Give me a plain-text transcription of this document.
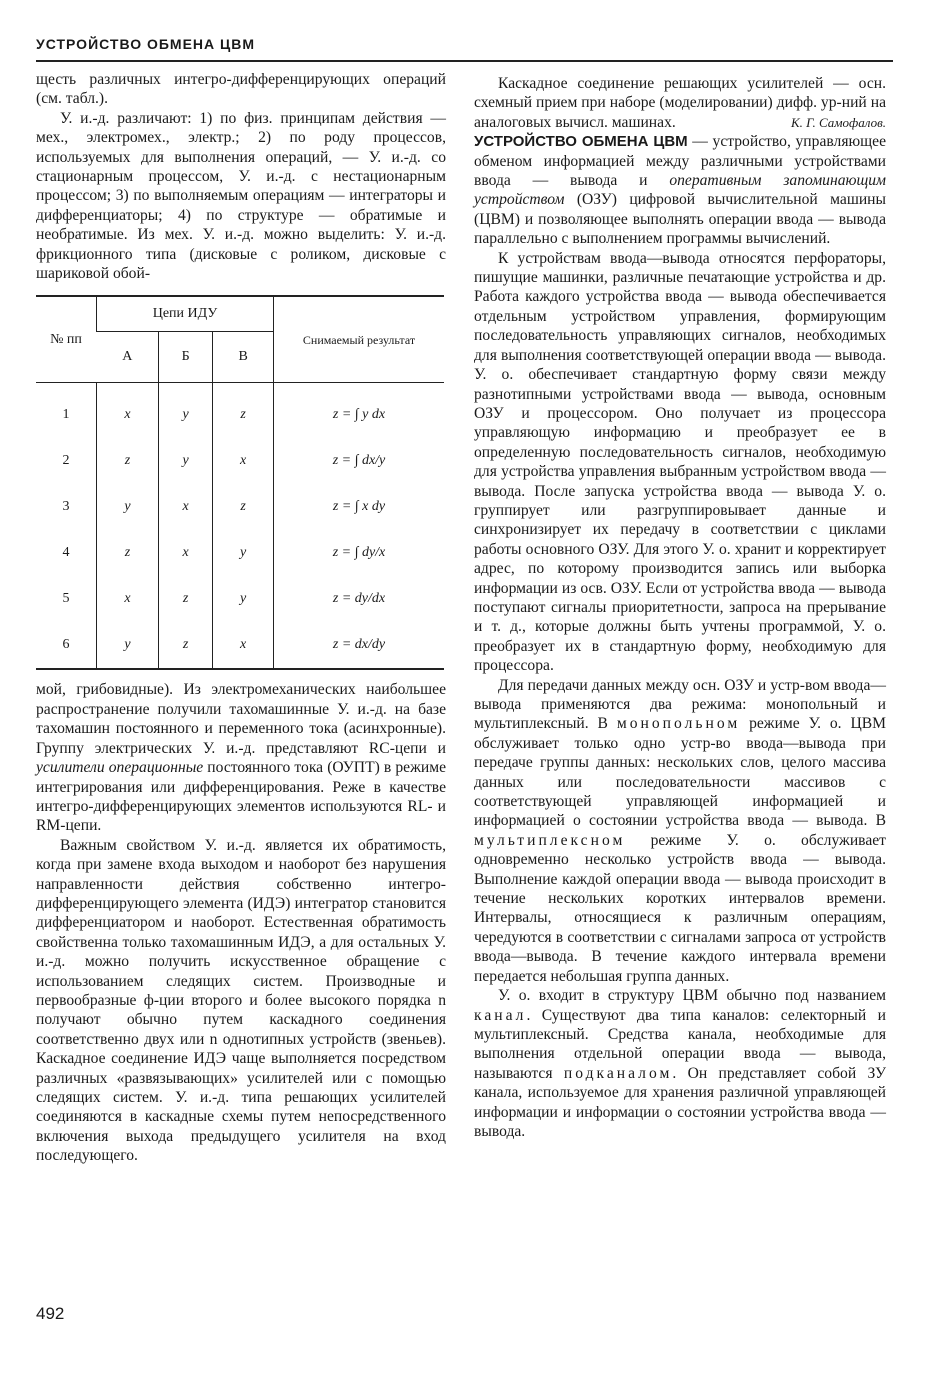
УСТРОЙСТВО ОБМЕНА ЦВМ

щесть различных интегро-дифференцирующих операций (см. табл.).

У. и.-д. различают: 1) по физ. принципам действия — мех., электромех., электр.; 2) по роду процессов, используемых для выполнения операций, — У. и.-д. со стационарным процессом, У. и.-д. с нестационарным процессом; 3) по выполняемым операциям — интеграторы и дифференциаторы; 4) по структуре — обратимые и необратимые. Из мех. У. и.-д. можно выделить: У. и.-д. фрикционного типа (дисковые с роликом, дисковые с шариковой обой-

№ пп	Цепи ИДУ			Снимаемый результат
	А	Б	В	
1	x	y	z	z = ∫ y dx
2	z	y	x	z = ∫ dx/y
3	y	x	z	z = ∫ x dy
4	z	x	y	z = ∫ dy/x
5	x	z	y	z = dy/dx
6	y	z	x	z = dx/dy

мой, грибовидные). Из электромеханических наибольшее распространение получили тахомашинные У. и.-д. на базе тахомашин постоянного и переменного тока (асинхронные). Группу электрических У. и.-д. представляют RC-цепи и усилители операционные постоянного тока (ОУПТ) в режиме интегрирования или дифференцирования. Реже в качестве интегро-дифференцирующих элементов используются RL- и RM-цепи.

Важным свойством У. и.-д. является их обратимость, когда при замене входа выходом и наоборот без нарушения направленности действия собственно интегро-дифференцирующего элемента (ИДЭ) интегратор становится дифференциатором и наоборот. Естественная обратимость свойственна только тахомашинным ИДЭ, а для остальных У. и.-д. можно получить искусственное обращение с использованием следящих систем. Производные и первообразные ф-ции второго и более высокого порядка n получают обычно путем каскадного соединения соответственно двух или n однотипных устройств (звеньев). Каскадное соединение ИДЭ чаще выполняется посредством различных «развязывающих» усилителей или с помощью следящих систем. У. и.-д. типа решающих усилителей соединяются в каскадные схемы путем непосредственного включения выхода предыдущего усилителя на вход последующего.

Каскадное соединение решающих усилителей — осн. схемный прием при наборе (моделировании) дифф. ур-ний на аналоговых вычисл. машинах.	К. Г. Самофалов.

УСТРОЙСТВО ОБМЕНА ЦВМ — устройство, управляющее обменом информацией между различными устройствами ввода — вывода и оперативным запоминающим устройством (ОЗУ) цифровой вычислительной машины (ЦВМ) и позволяющее выполнять операции ввода — вывода параллельно с выполнением программы вычислений.

К устройствам ввода—вывода относятся перфораторы, пишущие машинки, различные печатающие устройства и др. Работа каждого устройства ввода — вывода обеспечивается отдельным устройством управления, формирующим последовательность управляющих сигналов, необходимых для выполнения соответствующей операции ввода — вывода. У. о. обеспечивает стандартную форму связи между разнотипными устройствами ввода — вывода, основным ОЗУ и процессором. Оно получает из процессора управляющую информацию и преобразует ее в определенную последовательность сигналов, необходимую для устройства управления выбранным устройством ввода — вывода. После запуска устройства ввода — вывода У. о. группирует или разгруппировывает данные и синхронизирует их передачу в соответствии с циклами работы основного ОЗУ. Для этого У. о. хранит и корректирует адрес, по которому производится запись или выборка информации из осв. ОЗУ. Если от устройства ввода — вывода поступают сигналы приоритетности, запроса на прерывание и т. д., которые должны быть учтены программой, У. о. преобразует их в стандартную форму, необходимую для процессора.

Для передачи данных между осн. ОЗУ и устр-вом ввода—вывода применяются два режима: монопольный и мультиплексный. В монопольном режиме У. о. ЦВМ обслуживает только одно устр-во ввода—вывода при передаче группы данных: нескольких слов, целого массива данных или последовательности массивов с соответствующей управляющей информацией и информацией о состоянии устройства ввода — вывода. В мультиплексном режиме У. о. обслуживает одновременно несколько устройств ввода — вывода. Выполнение каждой операции ввода — вывода происходит в течение нескольких коротких интервалов времени. Интервалы, относящиеся к различным операциям, чередуются в соответствии с сигналами запроса от устройств ввода—вывода. В течение каждого интервала времени передается небольшая группа данных.

У. о. входит в структуру ЦВМ обычно под названием канал. Существуют два типа каналов: селекторный и мультиплексный. Средства канала, необходимые для выполнения отдельной операции ввода — вывода, называются подканалом. Он представляет собой ЗУ канала, используемое для хранения различной управляющей информации и информации о состоянии устройства ввода — вывода.

492
